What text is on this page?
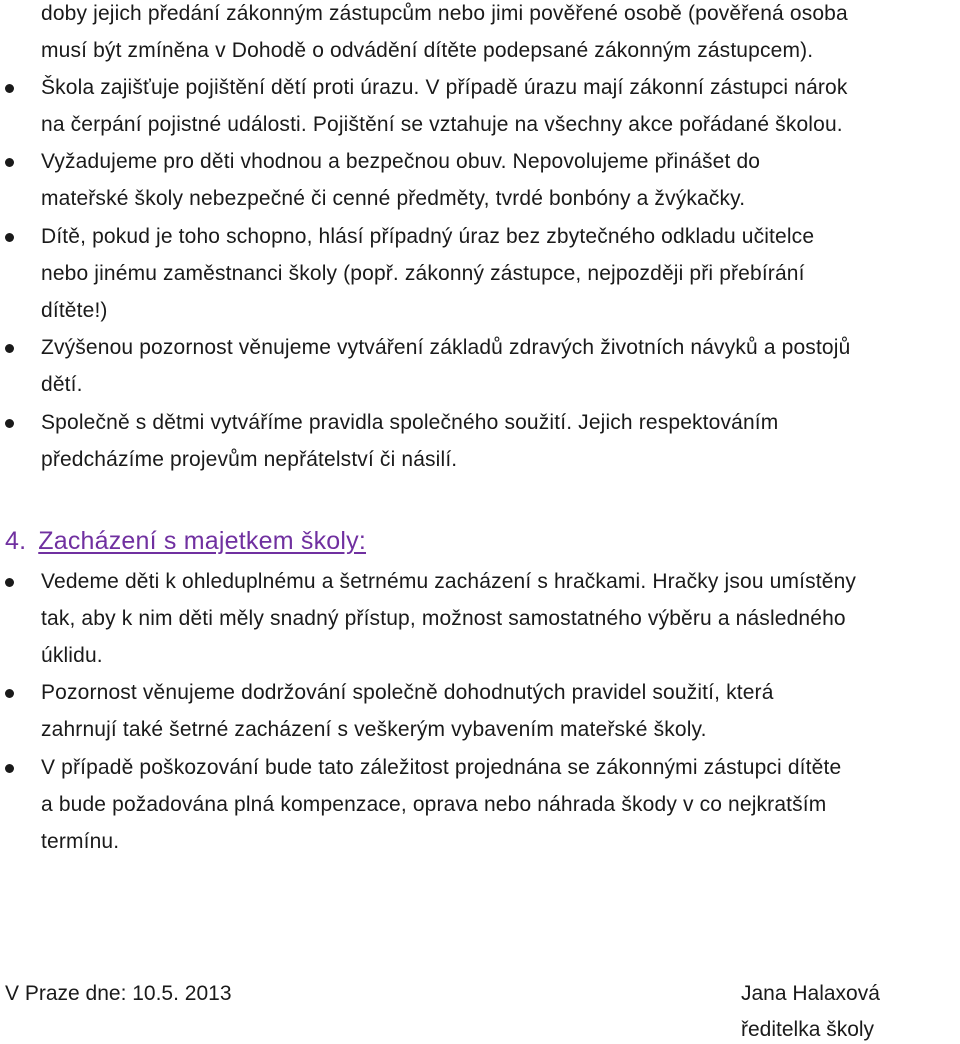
doby jejich předání zákonným zástupcům nebo jimi pověřené osobě (pověřená osoba
musí být zmíněna v Dohodě o odvádění dítěte podepsané zákonným zástupcem).
Škola zajišťuje pojištění dětí proti úrazu. V případě úrazu mají zákonní zástupci nárok
na čerpání pojistné události. Pojištění se vztahuje na všechny akce pořádané školou.
Vyžadujeme pro děti vhodnou a bezpečnou obuv. Nepovolujeme přinášet do
mateřské školy nebezpečné či cenné předměty, tvrdé bonbóny a žvýkačky.
Dítě, pokud je toho schopno, hlásí případný úraz bez zbytečného odkladu učitelce
nebo jinému zaměstnanci školy (popř. zákonný zástupce, nejpozději při přebírání
dítěte!)
Zvýšenou pozornost věnujeme vytváření základů zdravých životních návyků a postojů
dětí.
Společně s dětmi vytváříme pravidla společného soužití. Jejich respektováním
předcházíme projevům nepřátelství či násilí.
4. Zacházení s majetkem školy:
Vedeme děti k ohleduplnému a šetrnému zacházení s hračkami. Hračky jsou umístěny
tak, aby k nim děti měly snadný přístup, možnost samostatného výběru a následného
úklidu.
Pozornost věnujeme dodržování společně dohodnutých pravidel soužití, která
zahrnují také šetrné zacházení s veškerým vybavením mateřské školy.
V případě poškozování bude tato záležitost projednána se zákonnými zástupci dítěte
a bude požadována plná kompenzace, oprava nebo náhrada škody v co nejkratším
termínu.
V Praze dne: 10.5. 2013	Jana Halaxová
ředitelka školy
